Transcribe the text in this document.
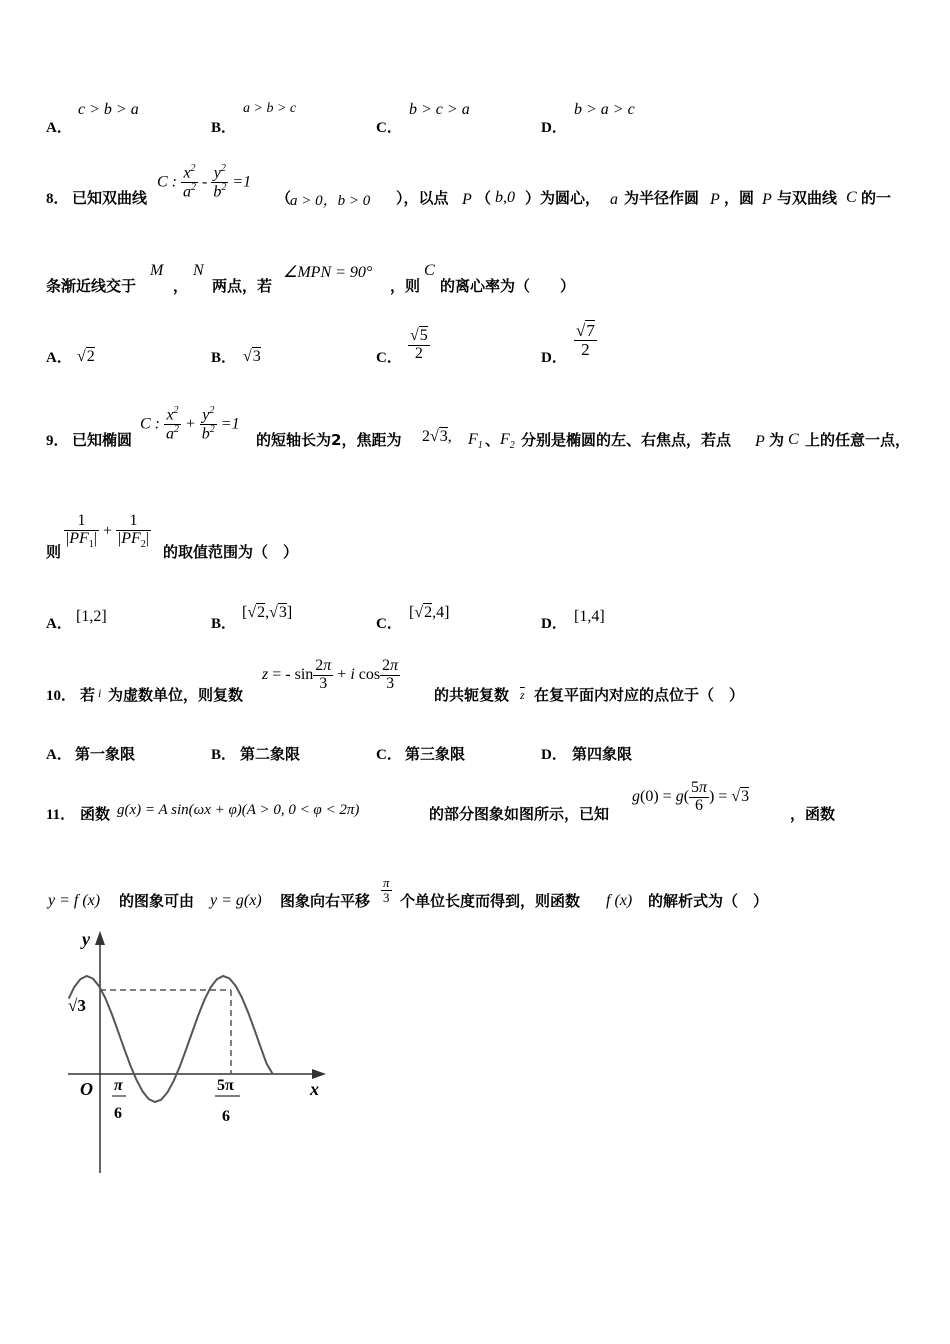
A．
c > b > a
B．
a > b > c
C．
b > c > a
D．
b > a > c
8． 已知双曲线
C : $\frac{x^2}{a^2} - \frac{y^2}{b^2} =1$
（
a > 0，b > 0 ），以点 P （ b,0 ）为圆心， a 为半径作圆 P ，圆 P 与双曲线 C 的一
条渐近线交于
M
，
N
两点，若
∠MPN = 90°
，则
C
的离心率为（　　）
A． √2	B． √3	C． $\frac{√5}{2}$	D． $\frac{√7}{2}$
9． 已知椭圆
C : $\frac{x^2}{a^2} + \frac{y^2}{b^2} =1$
的短轴长为2，焦距为 2√3, $F_1$ 、 $F_2$ 分别是椭圆的左、右焦点，若点 P 为 C 上的任意一点，
则
$\frac{1}{|PF_1|} + \frac{1}{|PF_2|}$
的取值范围为（　）
A． [1,2]	B．
[√2,√3]
C．
[√2,4]
D． [1,4]
10． 若 i 为虚数单位，则复数
z = - $\sin \frac{2\pi}{3} + i$ $\cos \frac{2\pi}{3}$
的共轭复数 $\overline{z}$ 在复平面内对应的点位于（　）
A． 第一象限	B． 第二象限	C． 第三象限	D． 第四象限
11． 函数 g(x) = A sin(ωx + φ)(A > 0, 0 < φ < 2π)	的部分图象如图所示，已知
$g(0) = g( \frac{5\pi}{6}$ ) = √3
，函数
y = f (x) 的图象可由 y = g(x) 图象向右平移 $\frac{\pi}{3}$ 个单位长度而得到，则函数 f (x) 的解析式为（　）
y
x
O
√3
π
6
5π
6
